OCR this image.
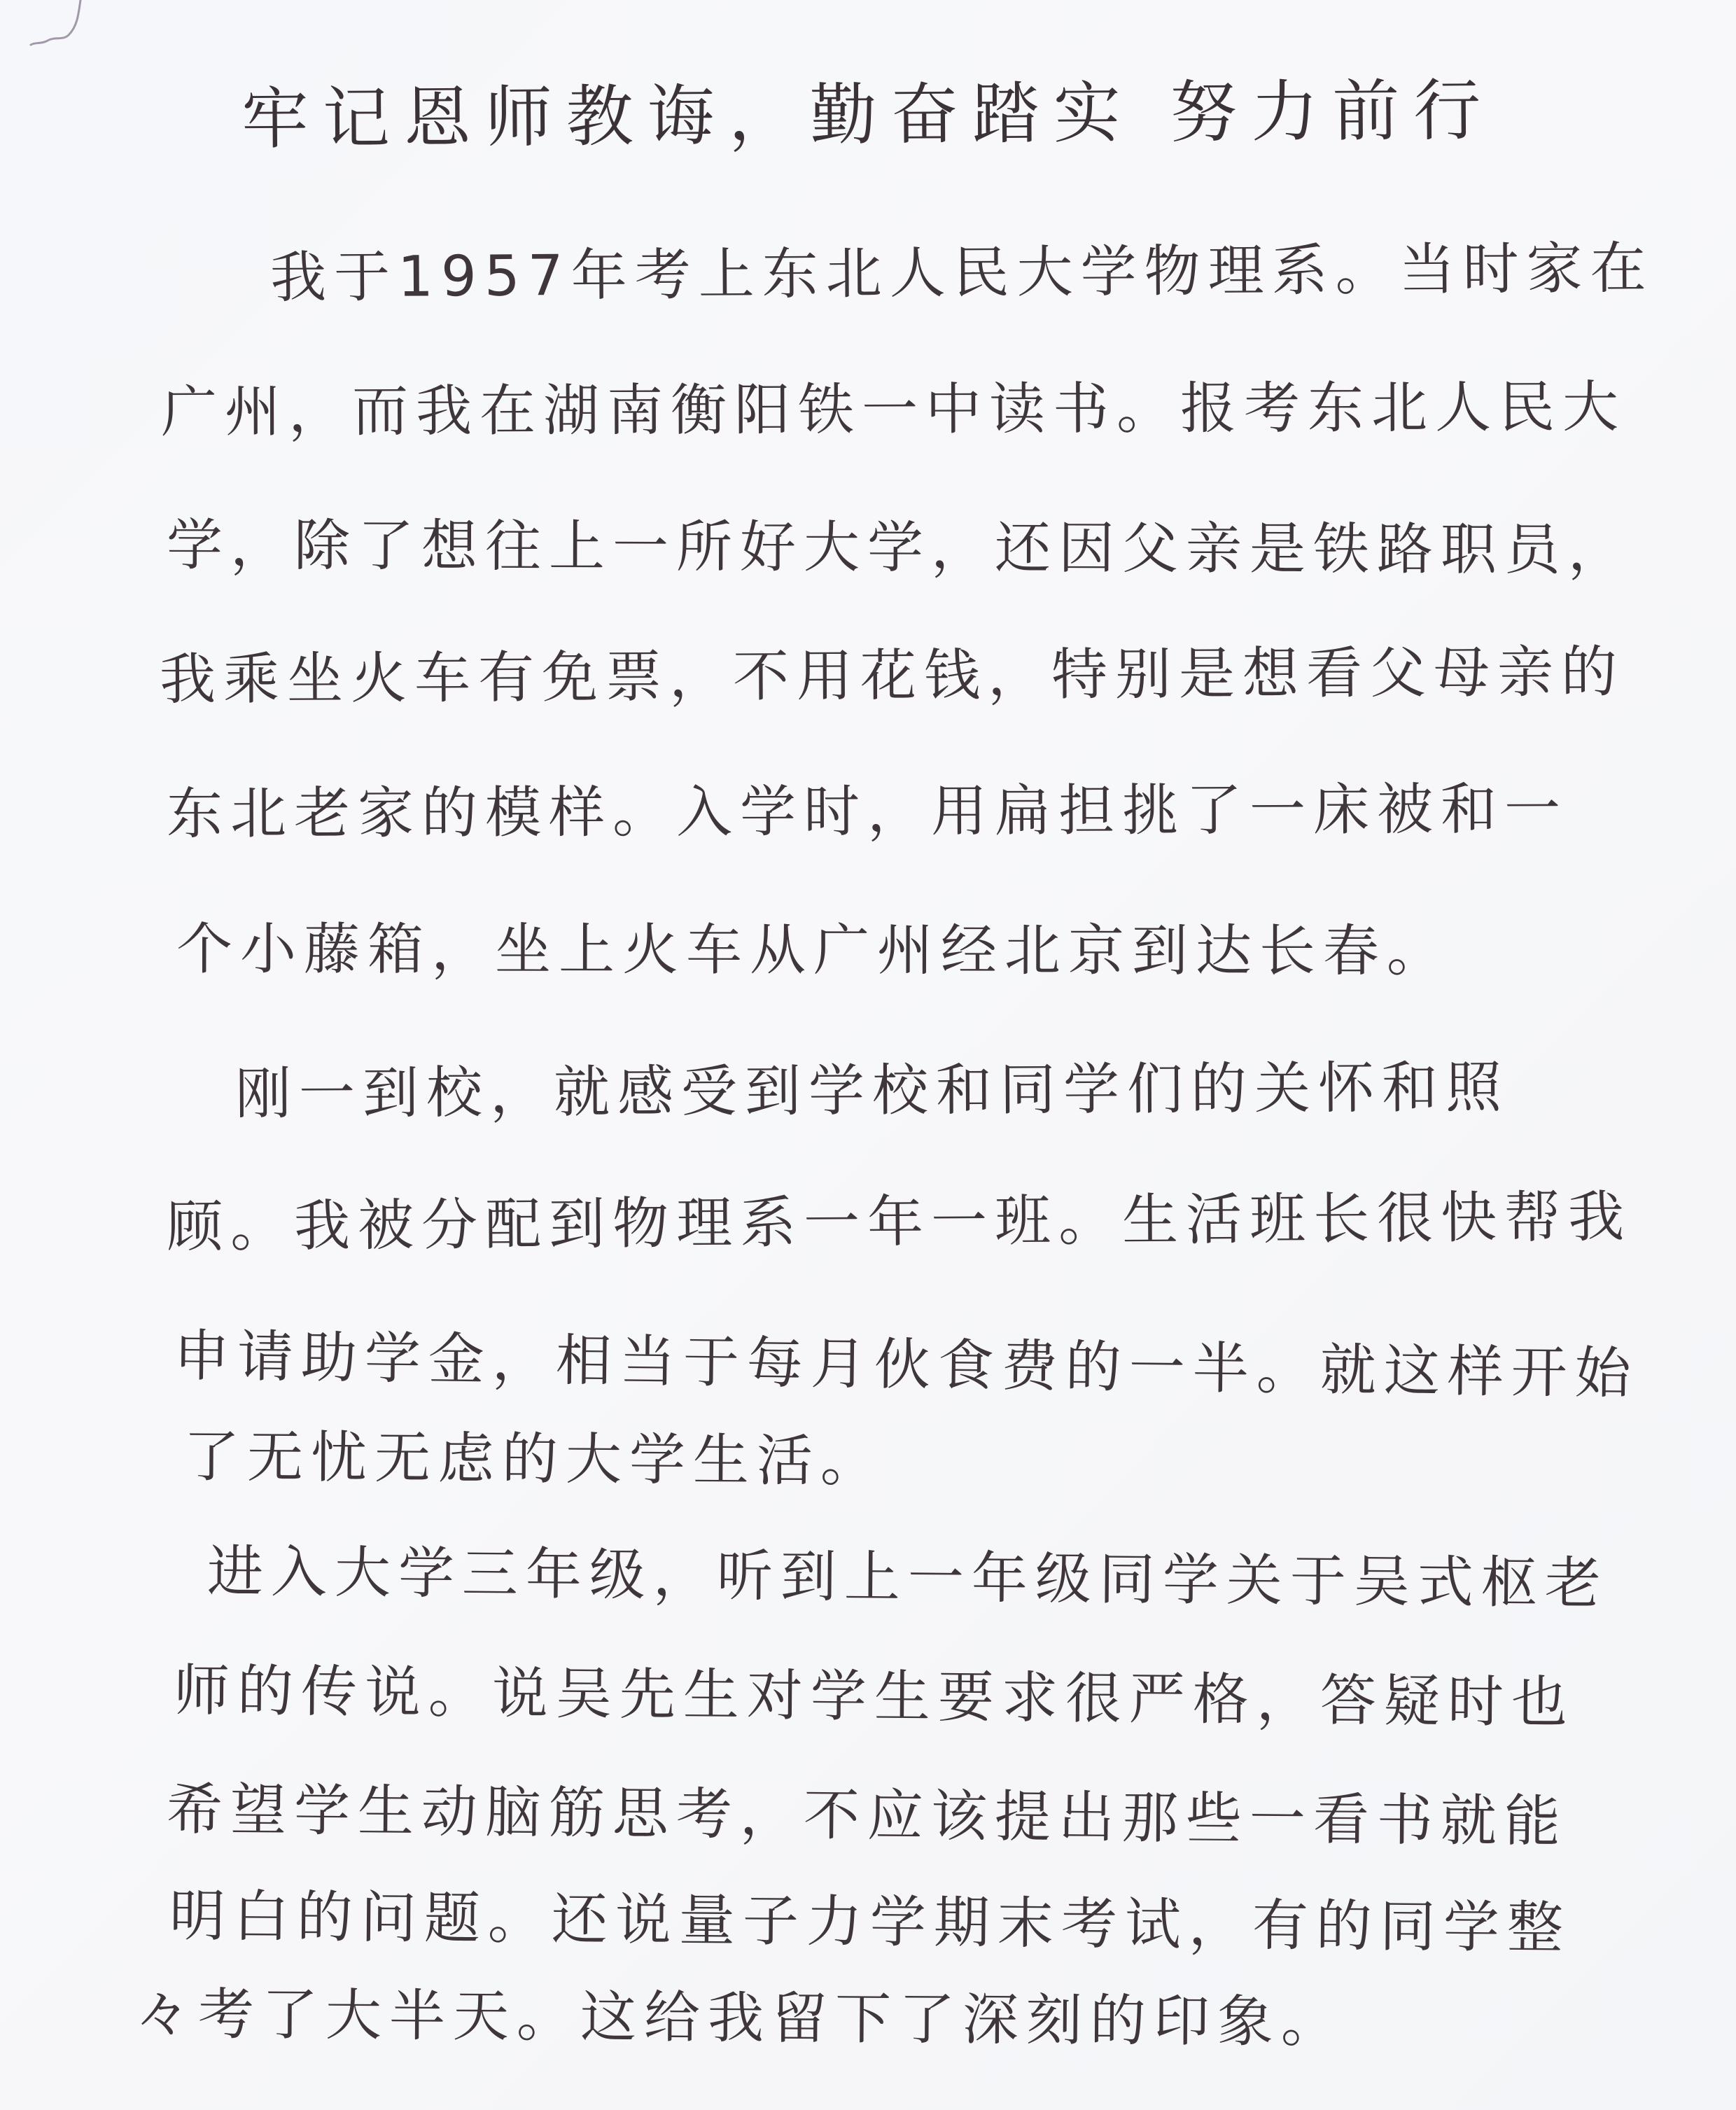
牢记恩师教诲，勤奋踏实 努力前行
我于1957年考上东北人民大学物理系。当时家在
广州，而我在湖南衡阳铁一中读书。报考东北人民大
学，除了想往上一所好大学，还因父亲是铁路职员，
我乘坐火车有免票，不用花钱，特别是想看父母亲的
东北老家的模样。入学时，用扁担挑了一床被和一
个小藤箱，坐上火车从广州经北京到达长春。
刚一到校，就感受到学校和同学们的关怀和照
顾。我被分配到物理系一年一班。生活班长很快帮我
申请助学金，相当于每月伙食费的一半。就这样开始
了无忧无虑的大学生活。
进入大学三年级，听到上一年级同学关于吴式枢老
师的传说。说吴先生对学生要求很严格，答疑时也
希望学生动脑筋思考，不应该提出那些一看书就能
明白的问题。还说量子力学期末考试，有的同学整
々考了大半天。这给我留下了深刻的印象。
